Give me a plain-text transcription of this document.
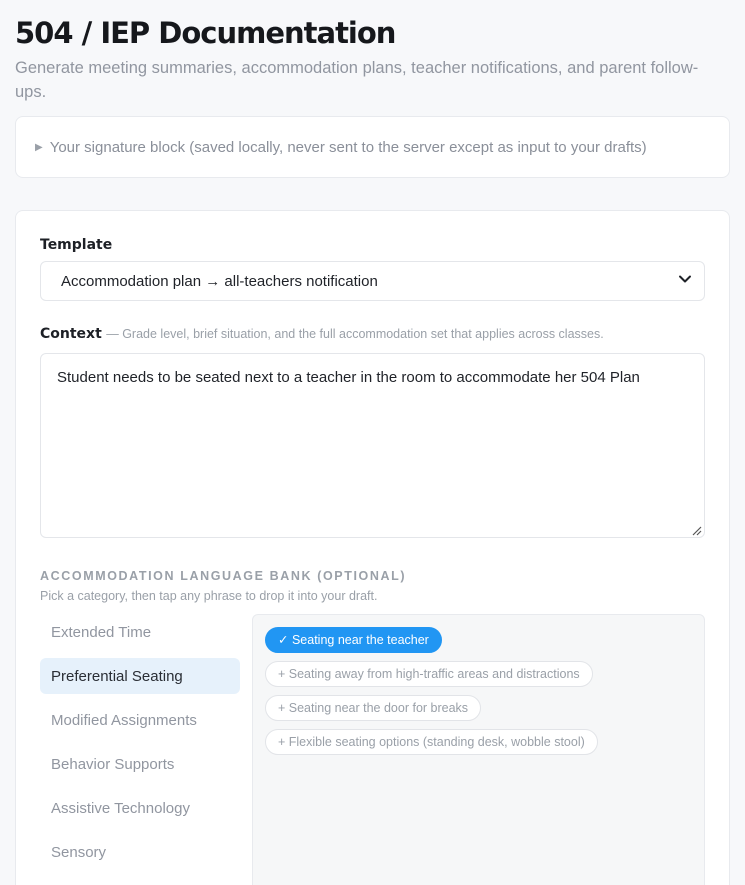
504 / IEP Documentation

Generate meeting summaries, accommodation plans, teacher notifications, and parent follow-ups.

▶ Your signature block (saved locally, never sent to the server except as input to your drafts)
Template
Accommodation plan → all-teachers notification
Context — Grade level, brief situation, and the full accommodation set that applies across classes.
Student needs to be seated next to a teacher in the room to accommodate her 504 Plan
ACCOMMODATION LANGUAGE BANK (OPTIONAL)
Pick a category, then tap any phrase to drop it into your draft.
Extended Time
Preferential Seating
Modified Assignments
Behavior Supports
Assistive Technology
Sensory
✓ Seating near the teacher
+ Seating away from high-traffic areas and distractions
+ Seating near the door for breaks
+ Flexible seating options (standing desk, wobble stool)
